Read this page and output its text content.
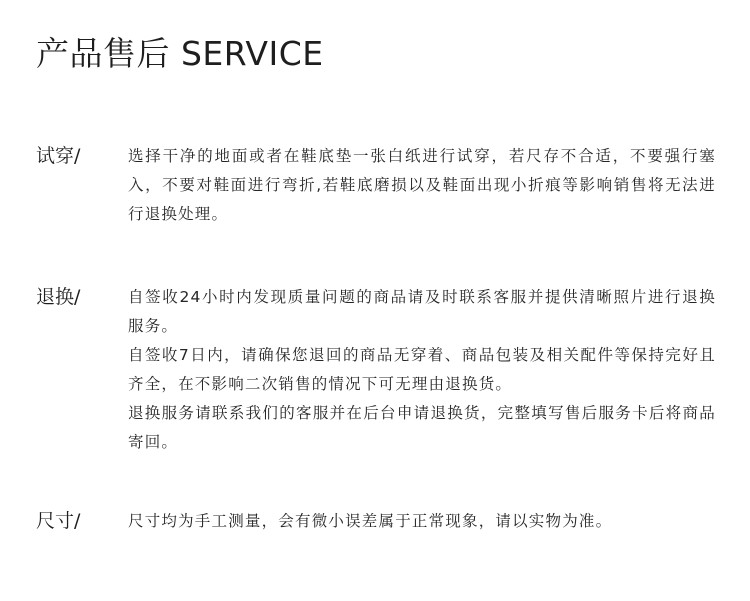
产品售后 SERVICE
试穿/	选择干净的地面或者在鞋底垫一张白纸进行试穿，若尺存不合适，不要强行塞入，不要对鞋面进行弯折,若鞋底磨损以及鞋面出现小折痕等影响销售将无法进行退换处理。

退换/	自签收24小时内发现质量问题的商品请及时联系客服并提供清晰照片进行退换服务。

自签收7日内，请确保您退回的商品无穿着、商品包装及相关配件等保持完好且齐全，在不影响二次销售的情况下可无理由退换货。

退换服务请联系我们的客服并在后台申请退换货，完整填写售后服务卡后将商品寄回。

尺寸/	尺寸均为手工测量，会有微小误差属于正常现象，请以实物为准。
